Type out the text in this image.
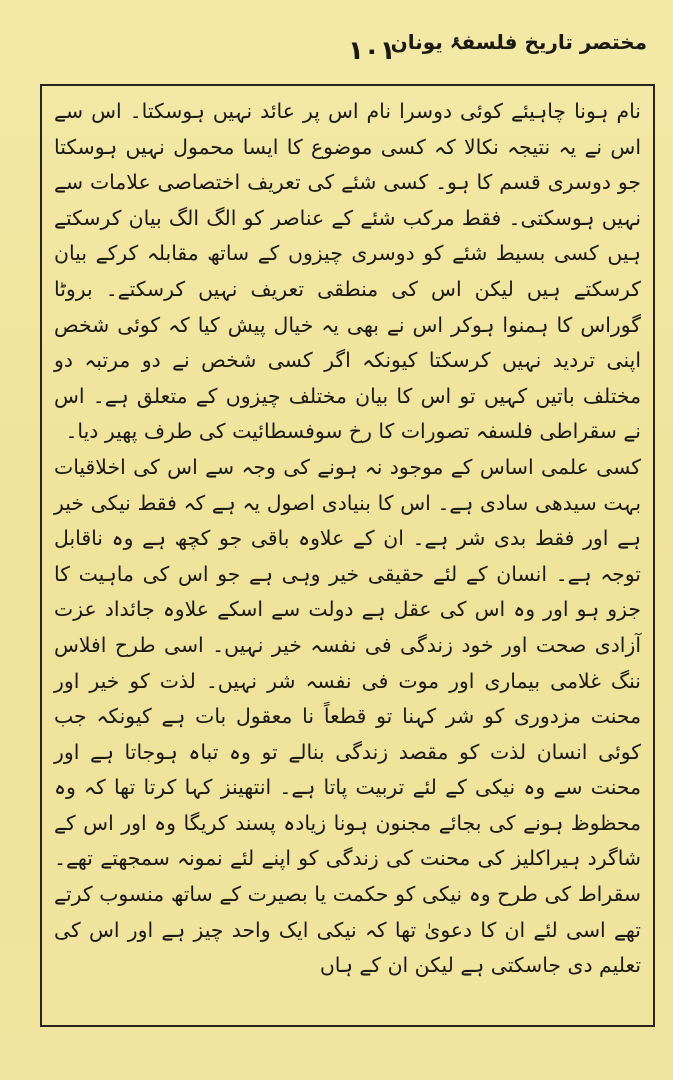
۱۰۱
مختصر تاریخ فلسفۂ یونان

نام ہونا چاہیئے کوئی دوسرا نام اس پر عائد نہیں ہوسکتا۔ اس سے اس نے یہ نتیجہ نکالا کہ کسی موضوع کا ایسا محمول نہیں ہوسکتا جو دوسری قسم کا ہو۔ کسی شئے کی تعریف اختصاصی علامات سے نہیں ہوسکتی۔ فقط مرکب شئے کے عناصر کو الگ الگ بیان کرسکتے ہیں کسی بسیط شئے کو دوسری چیزوں کے ساتھ مقابلہ کرکے بیان کرسکتے ہیں لیکن اس کی منطقی تعریف نہیں کرسکتے۔ بروٹا گوراس کا ہمنوا ہوکر اس نے بھی یہ خیال پیش کیا کہ کوئی شخص اپنی تردید نہیں کرسکتا کیونکہ اگر کسی شخص نے دو مرتبہ دو مختلف باتیں کہیں تو اس کا بیان مختلف چیزوں کے متعلق ہے۔ اس نے سقراطی فلسفہ تصورات کا رخ سوفسطائیت کی طرف پھیر دیا۔

کسی علمی اساس کے موجود نہ ہونے کی وجہ سے اس کی اخلاقیات بہت سیدھی سادی ہے۔ اس کا بنیادی اصول یہ ہے کہ فقط نیکی خیر ہے اور فقط بدی شر ہے۔ ان کے علاوہ باقی جو کچھ ہے وہ ناقابل توجہ ہے۔ انسان کے لئے حقیقی خیر وہی ہے جو اس کی ماہیت کا جزو ہو اور وہ اس کی عقل ہے دولت سے اسکے علاوہ جائداد عزت آزادی صحت اور خود زندگی فی نفسہ خیر نہیں۔ اسی طرح افلاس ننگ غلامی بیماری اور موت فی نفسہ شر نہیں۔ لذت کو خیر اور محنت مزدوری کو شر کہنا تو قطعاً نا معقول بات ہے کیونکہ جب کوئی انسان لذت کو مقصد زندگی بنالے تو وہ تباہ ہوجاتا ہے اور محنت سے وہ نیکی کے لئے تربیت پاتا ہے۔ انتھینز کہا کرتا تھا کہ وہ محظوظ ہونے کی بجائے مجنون ہونا زیادہ پسند کریگا وہ اور اس کے شاگرد ہیراکلیز کی محنت کی زندگی کو اپنے لئے نمونہ سمجھتے تھے۔ سقراط کی طرح وہ نیکی کو حکمت یا بصیرت کے ساتھ منسوب کرتے تھے اسی لئے ان کا دعویٰ تھا کہ نیکی ایک واحد چیز ہے اور اس کی تعلیم دی جاسکتی ہے لیکن ان کے ہاں
